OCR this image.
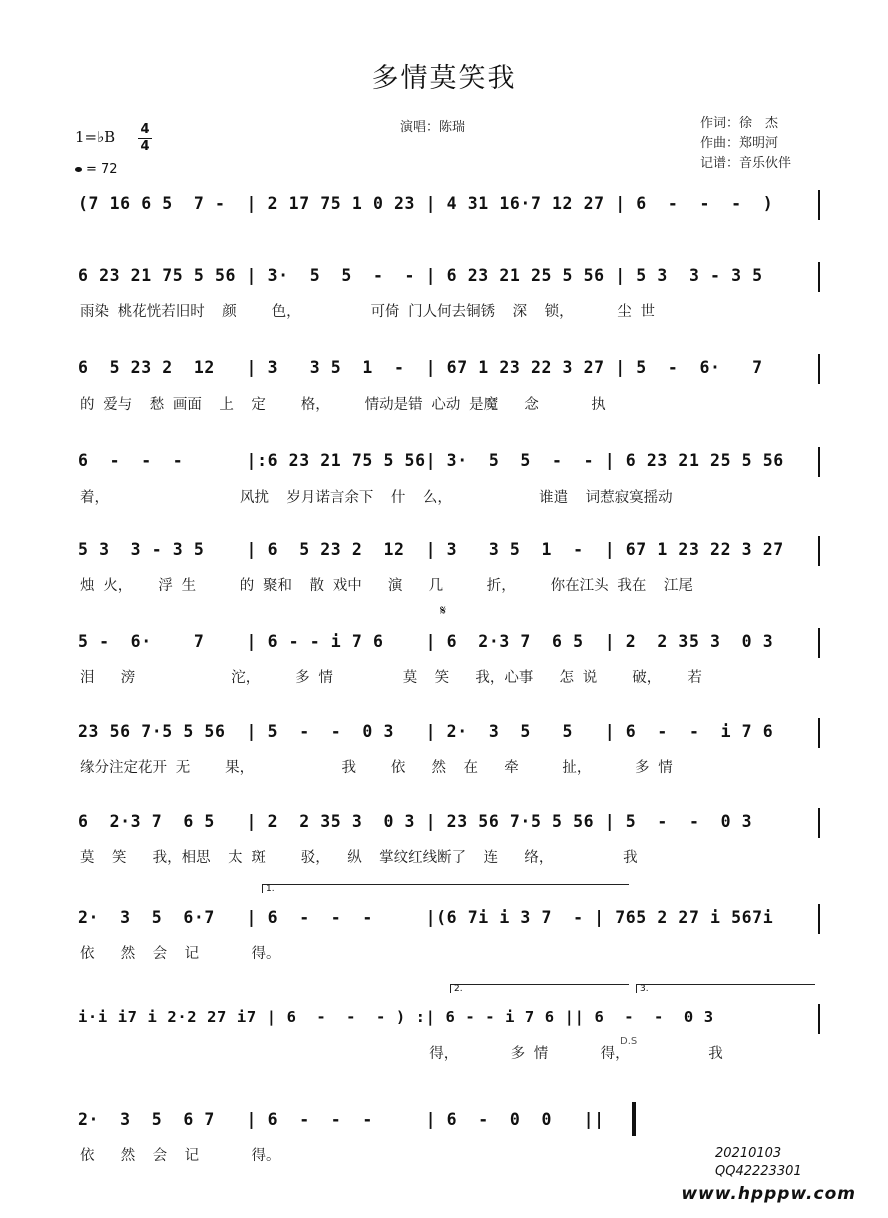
多情莫笑我
演唱：陈瑞	作词：徐　杰
作曲：郑明河
记谱：音乐伙伴
1=♭B 4
4
= 72
(7 16 6 5  7 -  | 2 17 75 1 0 23 | 4 31 16·7 12 27 | 6  -  -  -  )
6 23 21 75 5 56 | 3·  5  5  -  - | 6 23 21 25 5 56 | 5 3  3 - 3 5
雨染 桃花恍若旧时  颜    色，        可倚 门人何去铜锈  深  锁，     尘 世
6  5 23 2  12   | 3   3 5  1  -  | 67 1 23 22 3 27 | 5  -  6·   7
的 爱与  愁 画面  上  定    格，    情动是错 心动 是魔   念      执
6  -  -  -      |:6 23 21 75 5 56| 3·  5  5  -  - | 6 23 21 25 5 56
着，               风扰  岁月诺言余下  什  么，          谁遣  词惹寂寞摇动
5 3  3 - 3 5    | 6  5 23 2  12  | 3   3 5  1  -  | 67 1 23 22 3 27
烛 火，   浮 生     的 聚和  散 戏中   演   几     折，    你在江头 我在  江尾
𝄋
5 -  6·    7    | 6 - - i 7 6    | 6  2·3 7  6 5  | 2  2 35 3  0 3
泪   滂           沱，    多 情        莫  笑   我，心事   怎 说    破，   若
23 56 7·5 5 56  | 5  -  -  0 3   | 2·  3  5   5   | 6  -  -  i 7 6
缘分注定花开 无    果，          我    依   然  在   牵     扯，     多 情
6  2·3 7  6 5   | 2  2 35 3  0 3 | 23 56 7·5 5 56 | 5  -  -  0 3
莫  笑   我，相思  太 斑    驳，  纵  掌纹红线断了  连   络，        我
1.
2·  3  5  6·7   | 6  -  -  -     |(6 7i i 3 7  - | 765 2 27 i 567i
依   然  会  记      得。
2.	3.
i·i i7 i 2·2 27 i7 | 6  -  -  - ) :| 6 - - i 7 6 || 6  -  -  0 3
D.S
得，      多 情      得，         我
2·  3  5  6 7   | 6  -  -  -     | 6  -  0  0   ||
依   然  会  记      得。	20210103
QQ42223301
www.hpppw.com
